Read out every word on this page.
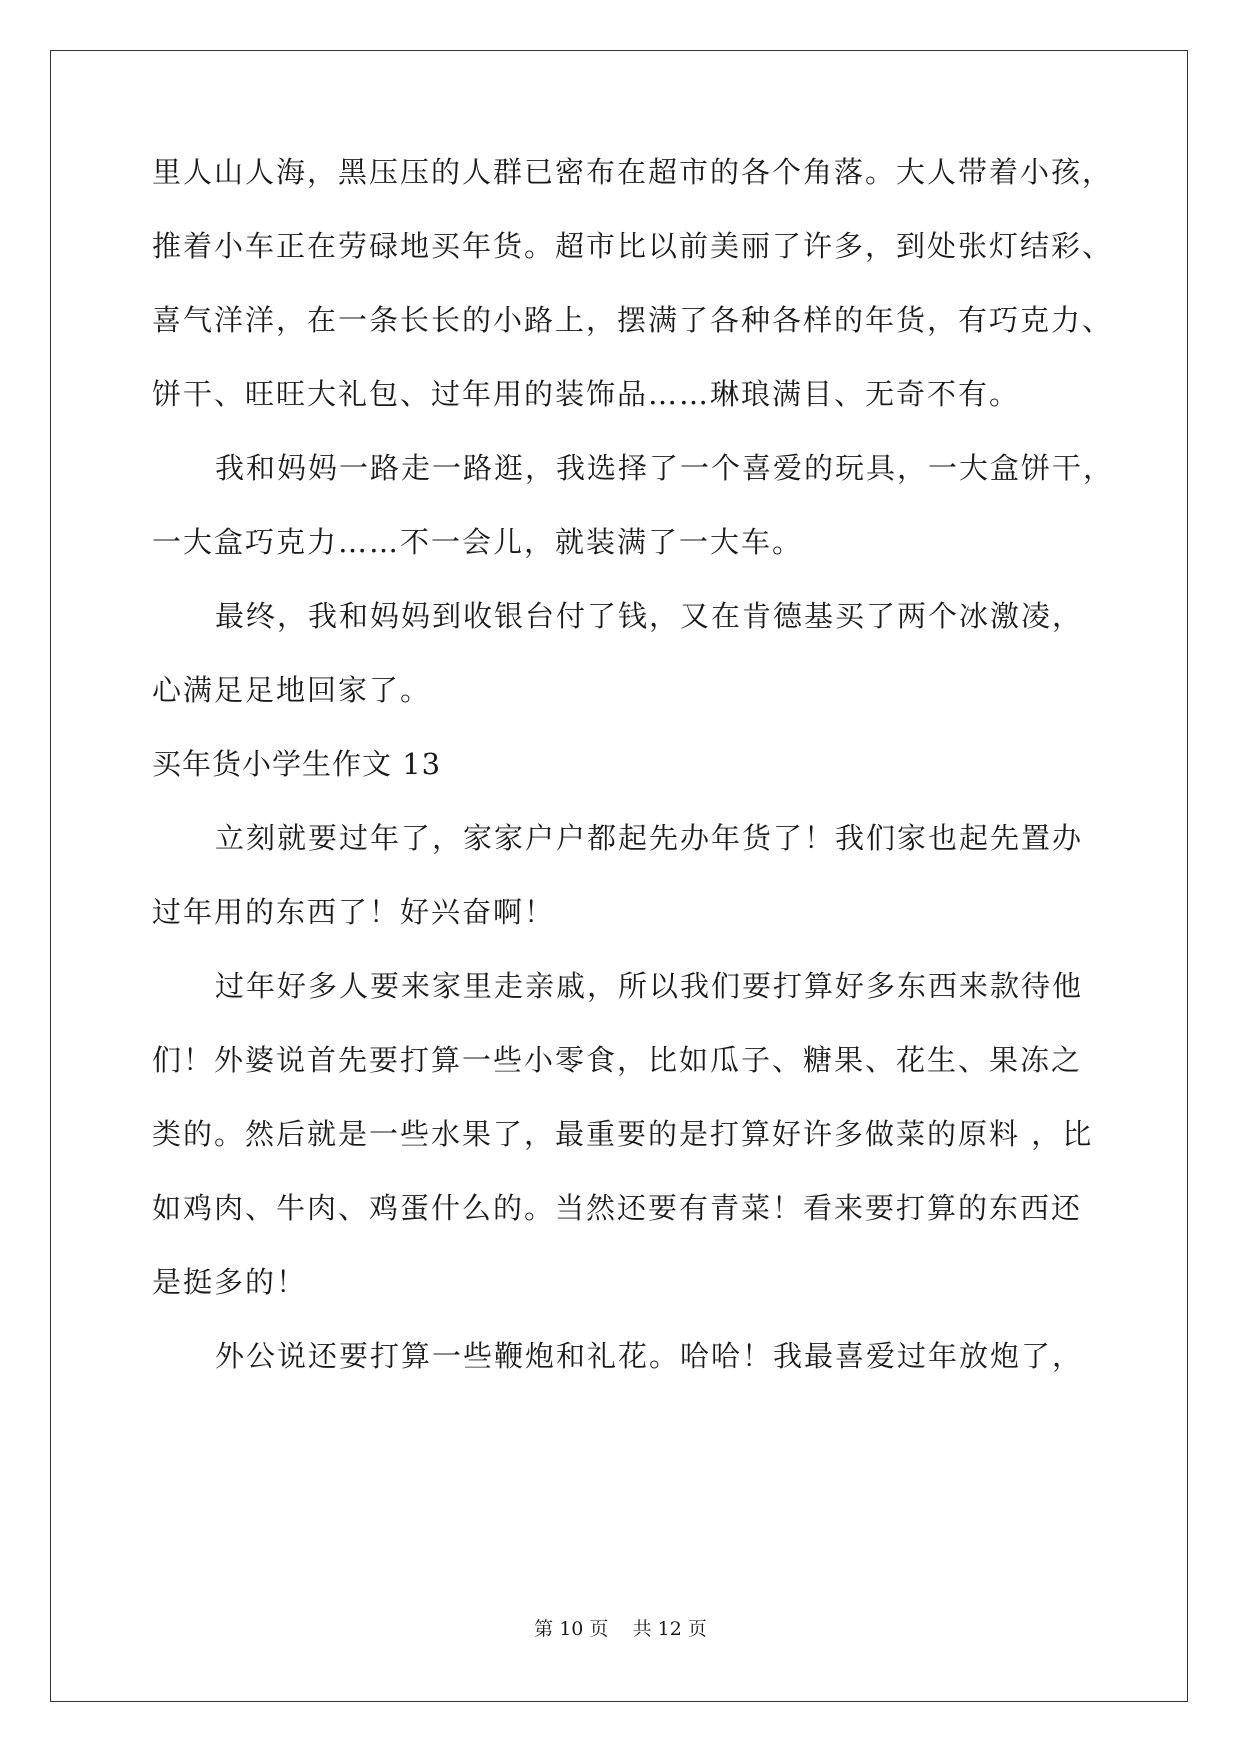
里人山人海，黑压压的人群已密布在超市的各个角落。大人带着小孩，
推着小车正在劳碌地买年货。超市比以前美丽了许多，到处张灯结彩、
喜气洋洋，在一条长长的小路上，摆满了各种各样的年货，有巧克力、
饼干、旺旺大礼包、过年用的装饰品……琳琅满目、无奇不有。
我和妈妈一路走一路逛，我选择了一个喜爱的玩具，一大盒饼干，
一大盒巧克力……不一会儿，就装满了一大车。
最终，我和妈妈到收银台付了钱，又在肯德基买了两个冰激凌，
心满足足地回家了。
买年货小学生作文 13
立刻就要过年了，家家户户都起先办年货了！我们家也起先置办
过年用的东西了！好兴奋啊！
过年好多人要来家里走亲戚，所以我们要打算好多东西来款待他
们！外婆说首先要打算一些小零食，比如瓜子、糖果、花生、果冻之
类的。然后就是一些水果了，最重要的是打算好许多做菜的原料 ，比
如鸡肉、牛肉、鸡蛋什么的。当然还要有青菜！看来要打算的东西还
是挺多的！
外公说还要打算一些鞭炮和礼花。哈哈！我最喜爱过年放炮了，
第 10 页    共 12 页
